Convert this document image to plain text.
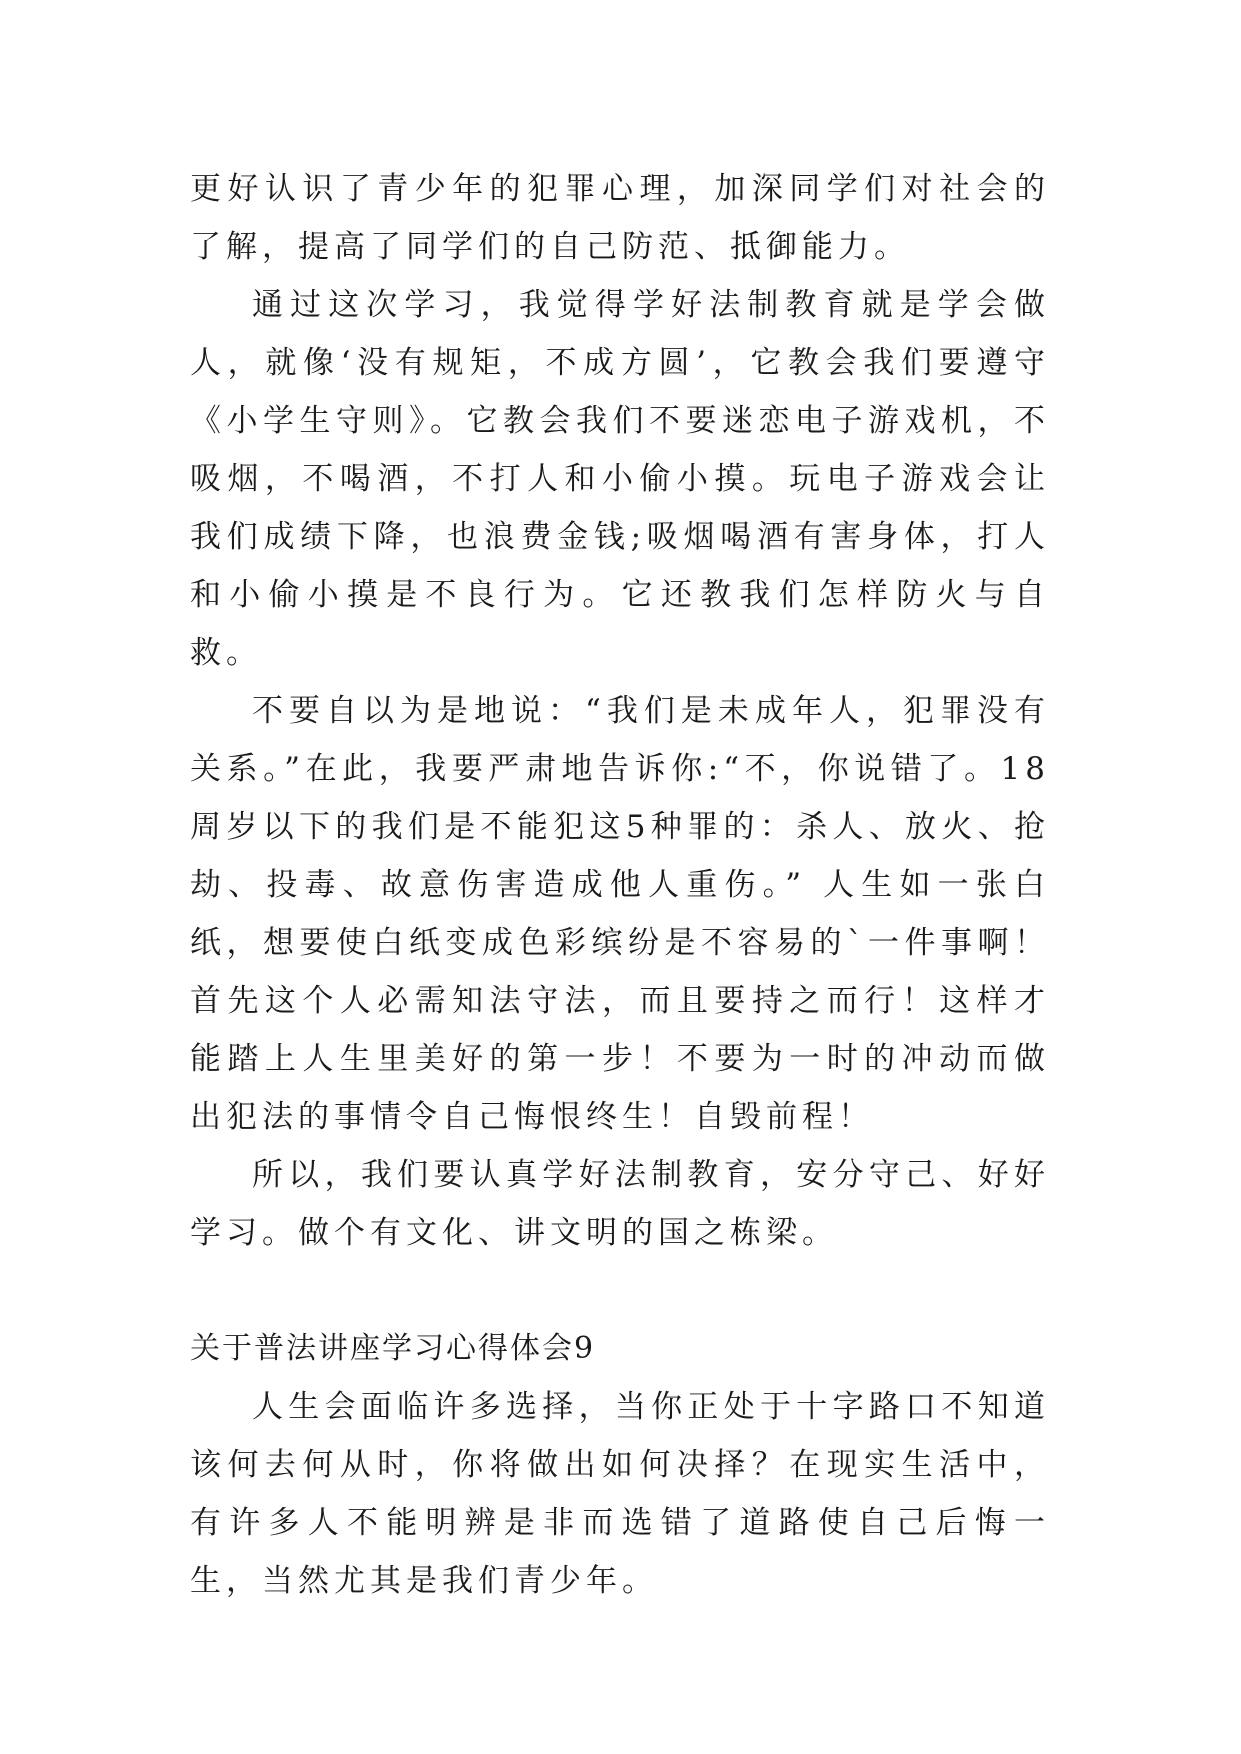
更好认识了青少年的犯罪心理，加深同学们对社会的了解，提高了同学们的自己防范、抵御能力。

通过这次学习，我觉得学好法制教育就是学会做人，就像‘没有规矩，不成方圆’，它教会我们要遵守《小学生守则》。它教会我们不要迷恋电子游戏机，不吸烟，不喝酒，不打人和小偷小摸。玩电子游戏会让我们成绩下降，也浪费金钱;吸烟喝酒有害身体，打人和小偷小摸是不良行为。它还教我们怎样防火与自救。

不要自以为是地说：“我们是未成年人，犯罪没有关系。”在此，我要严肃地告诉你:“不，你说错了。18周岁以下的我们是不能犯这5种罪的：杀人、放火、抢劫、投毒、故意伤害造成他人重伤。” 人生如一张白纸，想要使白纸变成色彩缤纷是不容易的`一件事啊！首先这个人必需知法守法，而且要持之而行！这样才能踏上人生里美好的第一步！不要为一时的冲动而做出犯法的事情令自己悔恨终生！自毁前程！

所以，我们要认真学好法制教育，安分守己、好好学习。做个有文化、讲文明的国之栋梁。

关于普法讲座学习心得体会9

人生会面临许多选择，当你正处于十字路口不知道该何去何从时，你将做出如何决择？在现实生活中，有许多人不能明辨是非而选错了道路使自己后悔一生，当然尤其是我们青少年。
